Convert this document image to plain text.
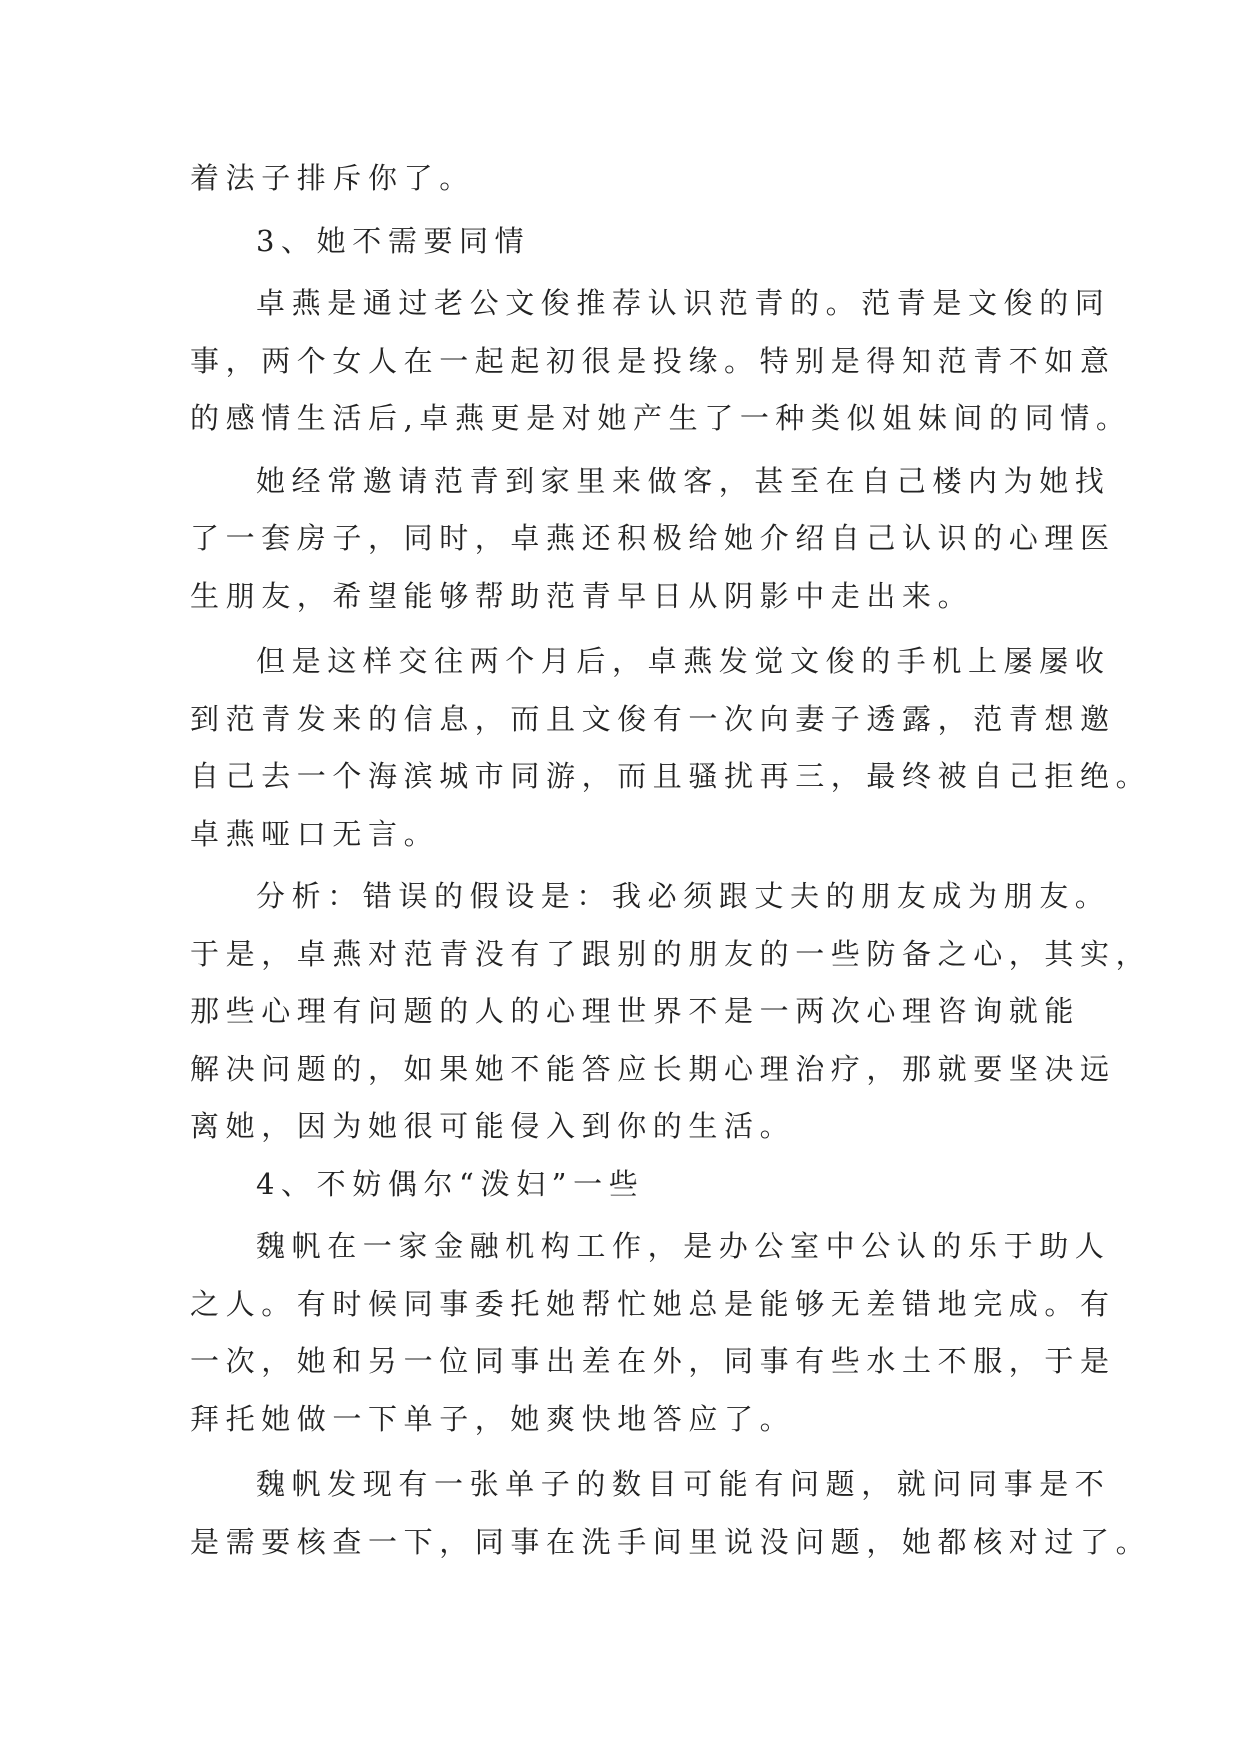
着法子排斥你了。
3、她不需要同情
卓燕是通过老公文俊推荐认识范青的。范青是文俊的同
事，两个女人在一起起初很是投缘。特别是得知范青不如意
的感情生活后,卓燕更是对她产生了一种类似姐妹间的同情。
她经常邀请范青到家里来做客，甚至在自己楼内为她找
了一套房子，同时，卓燕还积极给她介绍自己认识的心理医
生朋友，希望能够帮助范青早日从阴影中走出来。
但是这样交往两个月后，卓燕发觉文俊的手机上屡屡收
到范青发来的信息，而且文俊有一次向妻子透露，范青想邀
自己去一个海滨城市同游，而且骚扰再三，最终被自己拒绝。
卓燕哑口无言。
分析：错误的假设是：我必须跟丈夫的朋友成为朋友。
于是，卓燕对范青没有了跟别的朋友的一些防备之心，其实，
那些心理有问题的人的心理世界不是一两次心理咨询就能
解决问题的，如果她不能答应长期心理治疗，那就要坚决远
离她，因为她很可能侵入到你的生活。
4、不妨偶尔“泼妇”一些
魏帆在一家金融机构工作，是办公室中公认的乐于助人
之人。有时候同事委托她帮忙她总是能够无差错地完成。有
一次，她和另一位同事出差在外，同事有些水土不服，于是
拜托她做一下单子，她爽快地答应了。
魏帆发现有一张单子的数目可能有问题，就问同事是不
是需要核查一下，同事在洗手间里说没问题，她都核对过了。
